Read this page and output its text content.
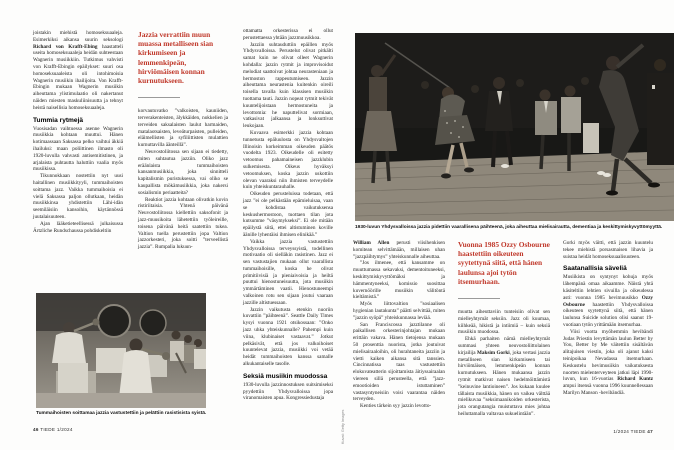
joistakin miehistä homoseksuaaleja. Esimerkiksi aikansa suurin seksologi Richard von Krafft-Ebing haastatteli useita homoseksuaaleja heidän suhteestaan Wagnerin musiikkiin. Tutkimus vahvisti von Krafft-Ebingin epäilykset: suuri osa homoseksuaaleista oli intohimoisia Wagnerin musiikin ihailijoita. Von Krafft-Ebingin mukaan Wagnerin musiikin aiheuttama ylistimulaatio oli nakertanut näiden miesten maskuliinisuutta ja tehnyt heistä naisellisia homoseksuaaleja.

Tummia rytmejä

Vuosisadan vaihtuessa asenne Wagnerin musiikkia kohtaan muuttui. Hänen kotimaassaan Saksassa pelko vaihtui äkkiä ihailuksi: maan poliittinen ilmasto oli 1920-luvulla vahvasti antisemitistinen, ja arjalaista puhtautta haluttiin vaalia myös musiikissa.

Tikunnokkaan nostettiin nyt uusi haitallinen musiikkityyli, tummaihoisten soittama jazz. Vaikka tummaihoisia ei vielä Saksassa paljon ollutkaan, heidän musiikkinsa yhdistettiin Lähi-idän seemiläisiin kansoihin, käytännössä juutalaisuuteen.

Ajan lääketieteellisessä julkaisussa Ärtzliche Rundschaussa pohdiskeltiin

Jazzia verrattiin muun muassa metalliseen sian kirkumiseen ja lemmenkipeän, hirviömäisen konnan kurnutukseen.

korvautuvatko ”valkoisten, kauniiden, terverakenteisten, älykkäiden, nokkelien ja terveiden saksalaisten laulut harmaiden, matalaotsaisten, leveäturpaisten, pulleiden, eläimellisten ja syfiliittisten mulattien kurnuttavilla äänteillä”.

Neuvostoliitossa sen sijaan ei tiedetty, miten suhtautua jazziin. Oliko jazz eräänlaista tummaihoisten kansanmusiikkia, joka sinnitteli kapitalismin puristuksessa, vai oliko se kaupallista mökämusiikkia, joka nakersi sosialismin periaatteita?

Reaktiot jazzia kohtaan olivatkin kovin ristiriitaisia. Yhtenä päivänä Neuvostoliitossa kiellettiin saksofonit ja jazz-muusikoita lähetettiin työleireille, toisena päivänä heitä saatettiin tukea. Valtion tuella perustettiin jopa Valtion jazzorkesteri, joka soitti ”terveellistä jazzia”. Rumpalia lukuun-

ottamatta orkesterissa ei ollut perustettaessa yhtään jazzmuusikkoa.

Jazziin suhtauduttiin epäillen myös Yhdysvalloissa. Perustelut olivat pitkälti samat kuin ne olivat olleet Wagnerin kohdalla: jazzin rytmit ja improvisoidut melodiat saattoivat johtaa neurasteniaan ja hermoston rappeutumiseen. Jazzin aiheuttama neurastenia kuitenkin oireili toisella tavalla kuin klassisen musiikin tuottama tauti. Jazzin nopeat rytmit tekivät kuuntelijoistaan hermostuneita ja levottomia: he naputtelivat sormiaan, vatkasivat jalkaansa ja lonksuttivat leukojaan.

Kuvaava esimerkki jazzia kohtaan tunnetusta epäluulosta on Yhdysvaltojen Illinoisin korkeimman oikeuden päätös vuodelta 1923. Oikeudelle oli esitetty vetoomus pahamaineisen jazzklubin sulkemisesta. Oikeus hyväksyi vetoomuksen, koska jazzin uskottiin olevan vaaraksi niin ihmisten terveydelle kuin yhteiskuntarauhalle.

Oikeuden perusteluissa todetaan, että jazz ”ei ole pelkästään epämieluisaa, vaan se kohdistaa vaikutuksensa keskushermostoon, tuottaen tilan jota kutsumme ”väsymykseksi”. Ei ole mitään epäilystä siitä, ettei altistuminen koville äänille lyhentäisi ihmisen elinikää.”

Vaikka jazzia vastustettiin Yhdysvalloissa terveyssyistä, todellinen motivaatio oli sielläkin rasistinen. Jazz ei sen vastustajien mukaan ollut vaarallista tummaihoisille, koska he olivat primitiivisiä ja pieniaivoisia ja heiltä puuttui hienostuneisuutta, jota musiikin ymmärtäminen vaatii. Hienostuneempi valkoinen rotu sen sijaan joutui vaaraan jazzille altistuessaan.

Jazzin vaikutusta etenkin nuoriin kuvattiin ”päihteenä”. Seattle Daily Times kysyi vuonna 1921 otsikossaan: ”Onko jazz uhka yhteiskunnalle? Pahempi kuin viina, klubinaiset vastaavat.” Jotkut pelkäsivät, että jos valkoihoiset kuuntelevat jazzia, musiikki voi vetää heidät tummaihoisten kanssa samalle alkukantaiselle tasolle.

Seksiä musiikin muodossa

1930-luvulla jazzinnostuksen suitsimiseksi pyydettiin Yhdysvalloissa jopa viranomaisten apua. Kongressiedustaja

Tummaihoisten soittamaa jazzia vastustettiin ja pelättiin rasistisista syistä.
46 TIEDE 1/2024
1930-luvun Yhdysvalloissa jazzia pidettiin vaarallisena päihteenä, joka aiheuttaa mielisairautta, dementiaa ja keskittymiskyvyttömyyttä.
Kuvat: Getty Images

William Allen perusti viisihenkisen komitean selvittämään, millaisen uhan ”jazzpäihtymys” yhteiskunnalle aiheuttaa.

”Jos ilmenee, että kansamme on muuttumassa sekavaksi, dementoituneeksi, keskittymiskyvyttömäksi ja hämmentyneeksi, komissio suosittaa kuvernöörille musiikin välitöntä kieltämistä.”

Myös liittovaltion ”sosiaalisen hygienian lautakunta” päätti selvittää, miten ”jazzin syöpä” yhteiskunnassa leviää.

San Franciscossa jazztilanne oli paikallisen orkesterinjohtajan mukaan erittäin vakava. Hänen tietojensa mukaan 50 prosenttia nuorista, jotka joutuivat mielisairaaloihin, oli hurahtaneita jazziin ja vietti kaiken aikansa sitä tanssien. Cincinnatissa taas vastustettiin elokuvateatterin sijoittamista äitiyssairaalan viereen sillä perusteella, että ”jazz-emootioiden istuttaminen” vastasyntyneisiin voisi vaarantaa näiden terveyden.

Kenties tärkein syy jazzin levotto-

Vuonna 1985 Ozzy Osbourne haastettiin oikeuteen syytettynä siitä, että hänen laulunsa ajoi tytön itsemurhaan.

muutta aiheuttaviin tunteisiin olivat sen mielleyhtymät seksiin. Jazz oli kuumaa, kiihkeää, hikistä ja intiimiä – kuin seksiä musiikin muodossa.

Ehkä parhaiten nämä mielleyhtymät summasi yhteen neuvostoliittolainen kirjailija Maksim Gorki, joka vertasi jazzia metalliseen sian kirkumiseen tai hirviömäisen, lemmenkipeän konnan kurnutukseen. Hänen mukaansa jazzin rytmit matkivat naisen hedelmöittämistä ”keinuvine lantioineen”. Jos kukaan kuulee tällaista musiikkia, hänen on vaikea välttää mielikuvaa ”seksimaanikoiden orkesterista, jota orangutangia muistuttava mies johtaa heiluttamalla valtavaa sukuelintään”.

Gorki myös väitti, että jazzin kuuntelu tekee miehistä porsasmaisen lihavia ja suistaa heidät homoseksuaalisuuteen.

Saatanallisia säveliä

Musiikista on syntynyt kohuja myös lähempänä omaa aikaamme. Näistä yhtä käsiteltiin lehtien sivuilla ja oikeudessa asti: vuonna 1985 hevimuusikko Ozzy Osbourne haastettiin Yhdysvalloissa oikeuteen syytettynä siitä, että hänen laulunsa Suicide solution olisi saanut 19-vuotiaan tytön yrittämään itsemurhaa.

Viisi vuotta myöhemmin hevibändi Judas Priestin levyttämän laulun Better by You, Better by Me väitettiin sisältävän alitajuisen viestin, joka oli ajanut kaksi teinipoikaa Nevadassa itsemurhaan. Keskustelu hevimusiikin vaikutuksesta nuorten mielenterveyteen jatkui läpi 1990-luvun, kun 16-vuotias Richard Kuntz ampui itsensä vuonna 1996 kuunnellessaan Marilyn Manson -hevibändiä.

1/2024 TIEDE 47
